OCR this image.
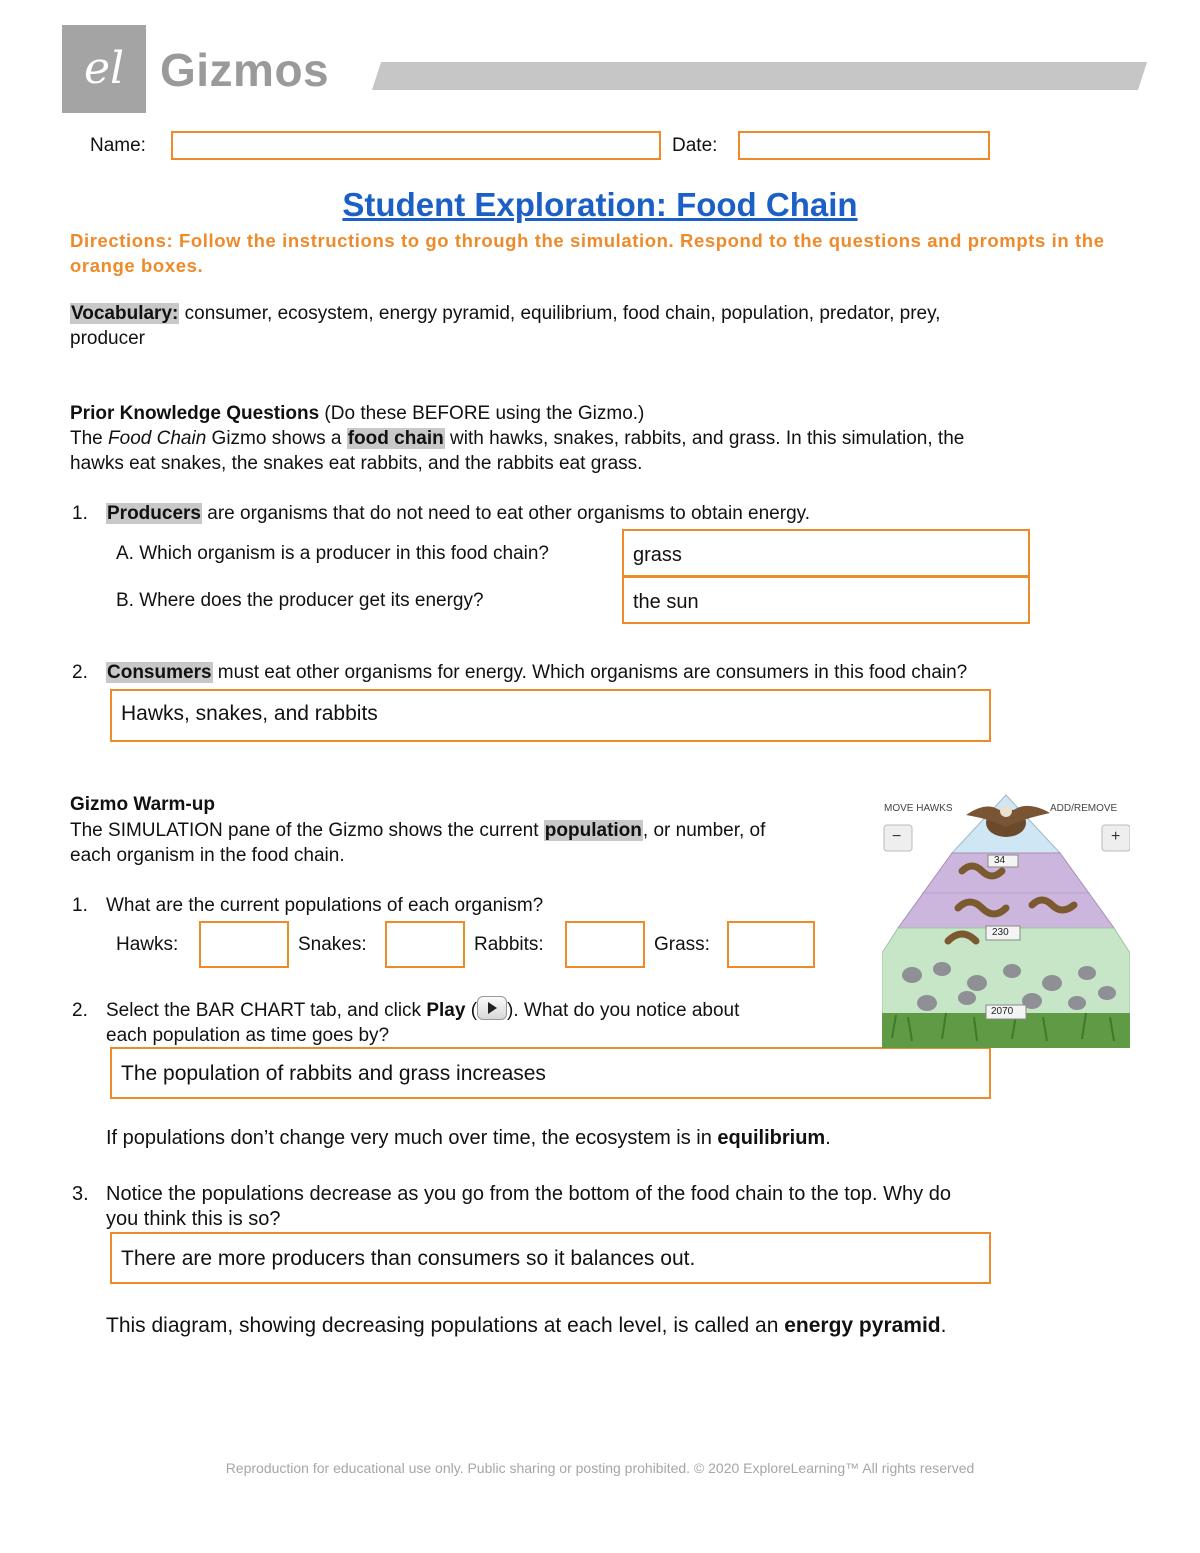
el Gizmos
Name:	Date:
Student Exploration: Food Chain
Directions: Follow the instructions to go through the simulation. Respond to the questions and prompts in the orange boxes.
Vocabulary: consumer, ecosystem, energy pyramid, equilibrium, food chain, population, predator, prey,
producer
Prior Knowledge Questions (Do these BEFORE using the Gizmo.)
The Food Chain Gizmo shows a food chain with hawks, snakes, rabbits, and grass. In this simulation, the
hawks eat snakes, the snakes eat rabbits, and the rabbits eat grass.
1. Producers are organisms that do not need to eat other organisms to obtain energy.
A. Which organism is a producer in this food chain?	grass
B. Where does the producer get its energy?	the sun
2. Consumers must eat other organisms for energy. Which organisms are consumers in this food chain?
Hawks, snakes, and rabbits
Gizmo Warm-up
The SIMULATION pane of the Gizmo shows the current population, or number, of
each organism in the food chain.
1. What are the current populations of each organism?
Hawks:	Snakes:	Rabbits:	Grass:
2. Select the BAR CHART tab, and click Play ( ). What do you notice about
each population as time goes by?
The population of rabbits and grass increases
If populations don’t change very much over time, the ecosystem is in equilibrium.
3. Notice the populations decrease as you go from the bottom of the food chain to the top. Why do
you think this is so?
There are more producers than consumers so it balances out.
This diagram, showing decreasing populations at each level, is called an energy pyramid.
MOVE HAWKS	ADD/REMOVE
−	+
34
230
2070
Reproduction for educational use only. Public sharing or posting prohibited. © 2020 ExploreLearning™ All rights reserved
